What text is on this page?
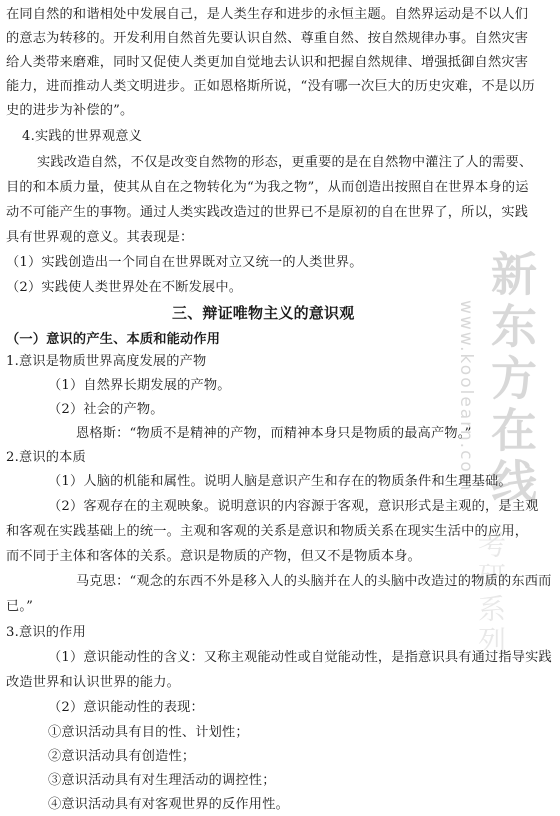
新东方在线
www.koolearn.com
考研系列
在同自然的和谐相处中发展自己，是人类生存和进步的永恒主题。自然界运动是不以人们
的意志为转移的。开发利用自然首先要认识自然、尊重自然、按自然规律办事。自然灾害
给人类带来磨难，同时又促使人类更加自觉地去认识和把握自然规律、增强抵御自然灾害
能力，进而推动人类文明进步。正如恩格斯所说，“没有哪一次巨大的历史灾难，不是以历
史的进步为补偿的”。
4.实践的世界观意义
实践改造自然，不仅是改变自然物的形态，更重要的是在自然物中灌注了人的需要、
目的和本质力量，使其从自在之物转化为“为我之物”，从而创造出按照自在世界本身的运
动不可能产生的事物。通过人类实践改造过的世界已不是原初的自在世界了，所以，实践
具有世界观的意义。其表现是：
（1）实践创造出一个同自在世界既对立又统一的人类世界。
（2）实践使人类世界处在不断发展中。
三、辩证唯物主义的意识观
（一）意识的产生、本质和能动作用
1.意识是物质世界高度发展的产物
（1）自然界长期发展的产物。
（2）社会的产物。
恩格斯：“物质不是精神的产物，而精神本身只是物质的最高产物。”
2.意识的本质
（1）人脑的机能和属性。说明人脑是意识产生和存在的物质条件和生理基础。
（2）客观存在的主观映象。说明意识的内容源于客观，意识形式是主观的，是主观
和客观在实践基础上的统一。主观和客观的关系是意识和物质关系在现实生活中的应用，
而不同于主体和客体的关系。意识是物质的产物，但又不是物质本身。
马克思：“观念的东西不外是移入人的头脑并在人的头脑中改造过的物质的东西而
已。”
3.意识的作用
（1）意识能动性的含义：又称主观能动性或自觉能动性，是指意识具有通过指导实践
改造世界和认识世界的能力。
（2）意识能动性的表现：
①意识活动具有目的性、计划性；
②意识活动具有创造性；
③意识活动具有对生理活动的调控性；
④意识活动具有对客观世界的反作用性。
